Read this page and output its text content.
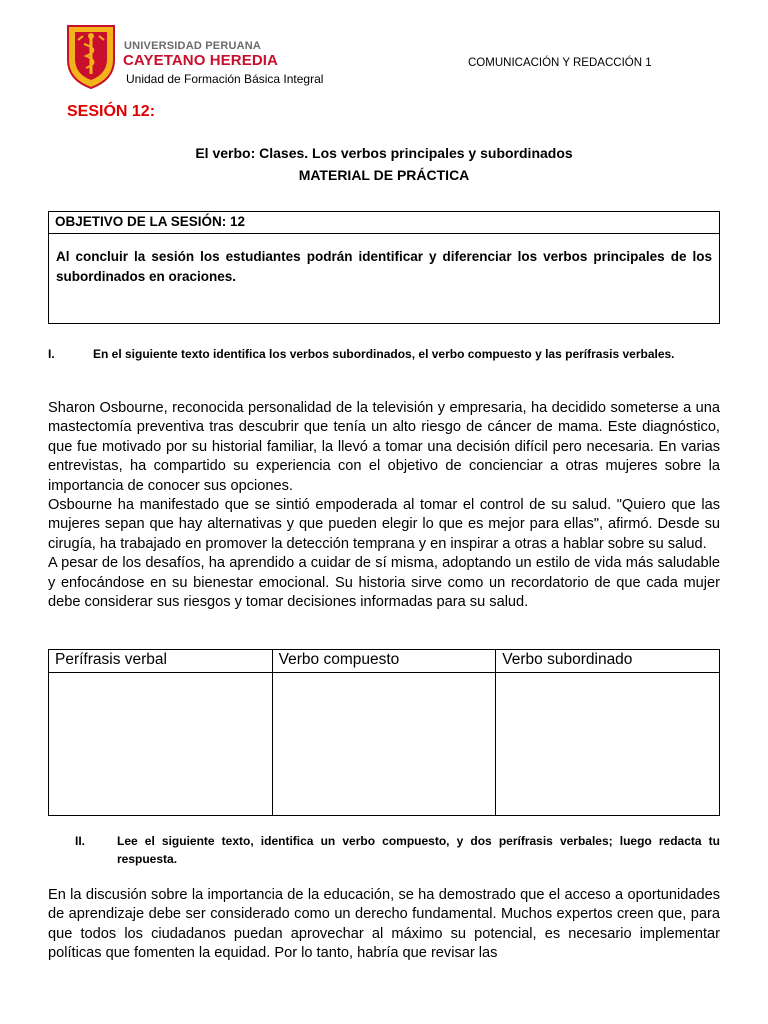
UNIVERSIDAD PERUANA
CAYETANO HEREDIA
Unidad de Formación Básica Integral
COMUNICACIÓN Y REDACCIÓN 1
SESIÓN 12:
El verbo: Clases. Los verbos principales y subordinados
MATERIAL DE PRÁCTICA
OBJETIVO DE LA SESIÓN: 12
Al concluir la sesión los estudiantes podrán identificar y diferenciar los verbos principales de los subordinados en oraciones.
I.	En el siguiente texto identifica los verbos subordinados, el verbo compuesto y las perífrasis verbales.
Sharon Osbourne, reconocida personalidad de la televisión y empresaria, ha decidido someterse a una mastectomía preventiva tras descubrir que tenía un alto riesgo de cáncer de mama. Este diagnóstico, que fue motivado por su historial familiar, la llevó a tomar una decisión difícil pero necesaria. En varias entrevistas, ha compartido su experiencia con el objetivo de concienciar a otras mujeres sobre la importancia de conocer sus opciones.
Osbourne ha manifestado que se sintió empoderada al tomar el control de su salud. "Quiero que las mujeres sepan que hay alternativas y que pueden elegir lo que es mejor para ellas", afirmó. Desde su cirugía, ha trabajado en promover la detección temprana y en inspirar a otras a hablar sobre su salud.
A pesar de los desafíos, ha aprendido a cuidar de sí misma, adoptando un estilo de vida más saludable y enfocándose en su bienestar emocional. Su historia sirve como un recordatorio de que cada mujer debe considerar sus riesgos y tomar decisiones informadas para su salud.
Perífrasis verbal	Verbo compuesto	Verbo subordinado

II.	Lee el siguiente texto, identifica un verbo compuesto, y dos perífrasis verbales; luego redacta tu respuesta.
En la discusión sobre la importancia de la educación, se ha demostrado que el acceso a oportunidades de aprendizaje debe ser considerado como un derecho fundamental. Muchos expertos creen que, para que todos los ciudadanos puedan aprovechar al máximo su potencial, es necesario implementar políticas que fomenten la equidad. Por lo tanto, habría que revisar las
